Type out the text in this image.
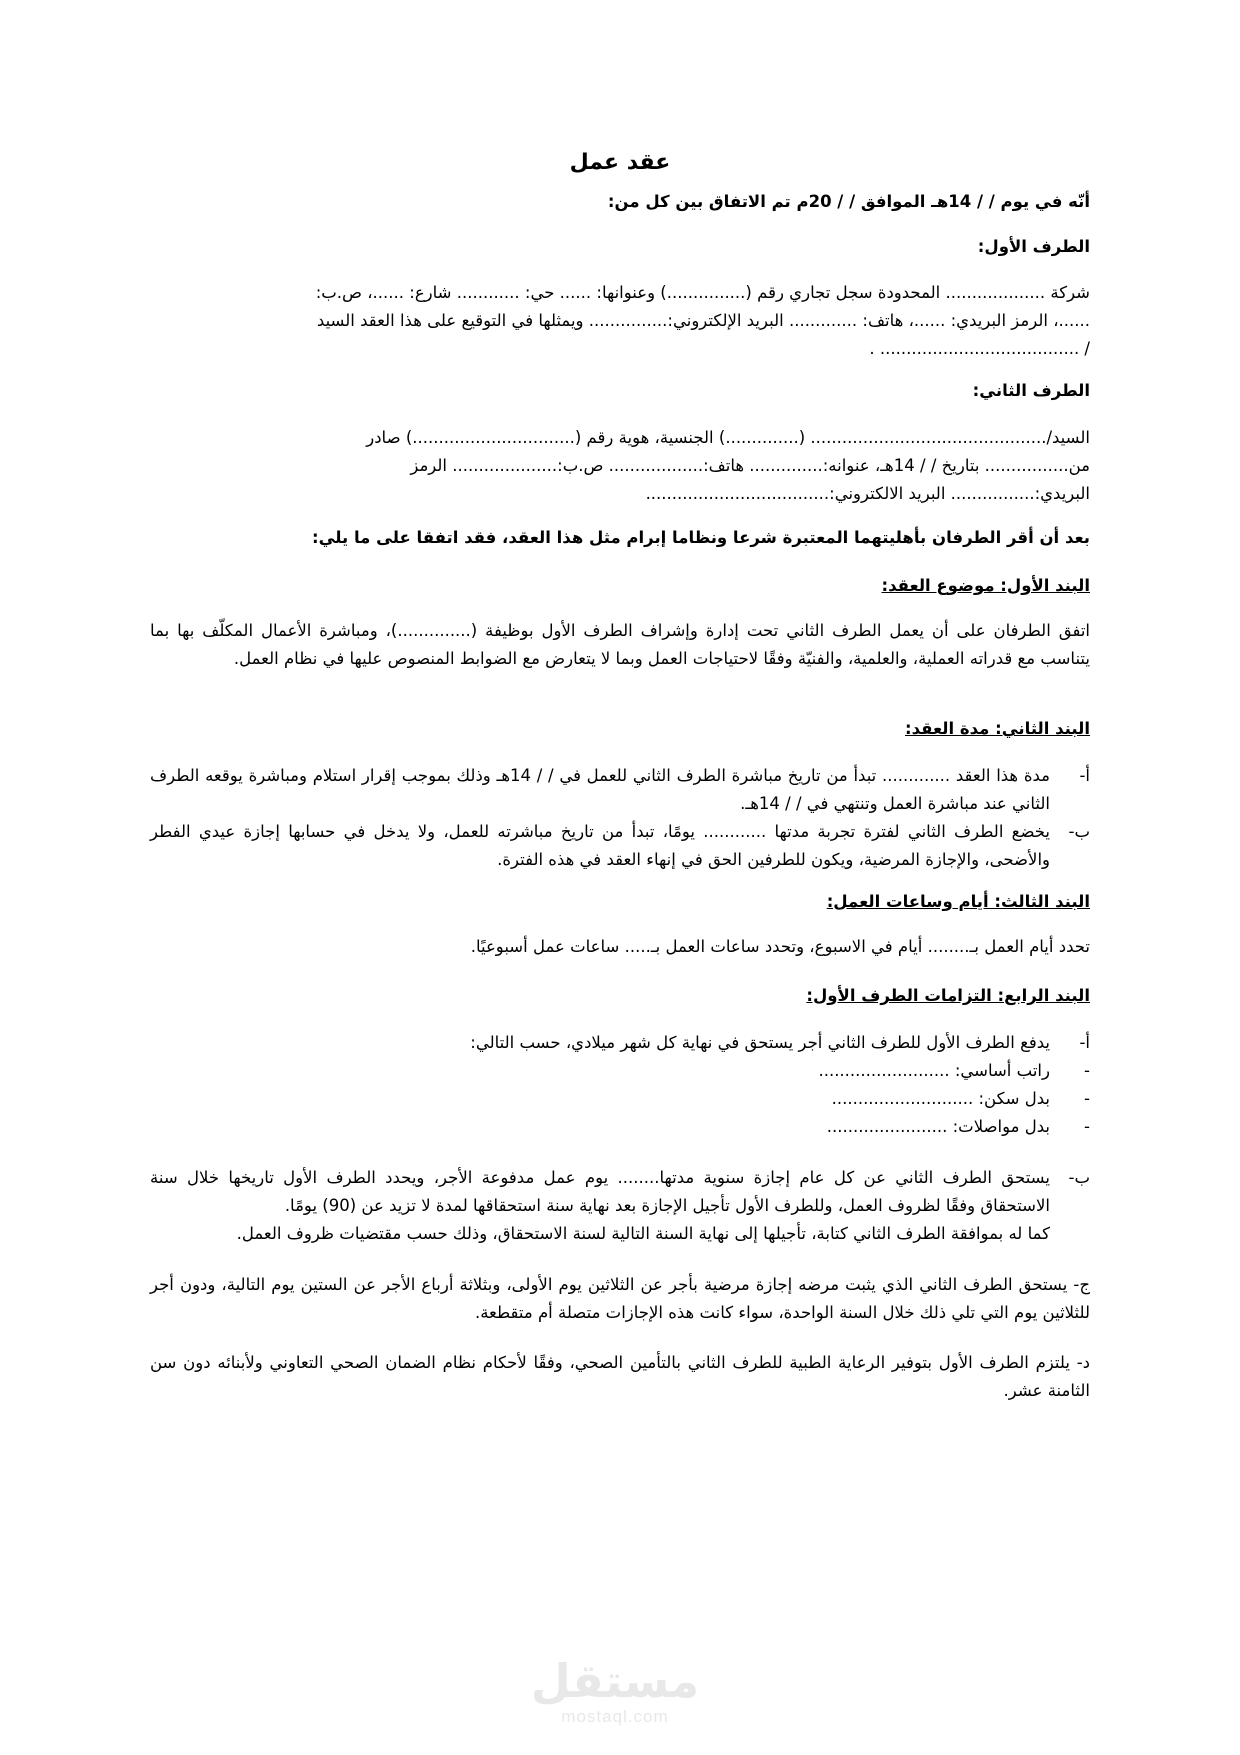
عقد عمل

أنّه في يوم / / 14هـ الموافق / / 20م تم الاتفاق بين كل من:

الطرف الأول:

شركة ................... المحدودة سجل تجاري رقم (...............) وعنوانها: ...... حي: ............ شارع: ......، ص.ب:
......، الرمز البريدي: ......، هاتف: ............. البريد الإلكتروني:............... ويمثلها في التوقيع على هذا العقد السيد
/ ...................................... .

الطرف الثاني:

السيد/............................................. (..............) الجنسية، هوية رقم (...............................) صادر
من................ بتاريخ / / 14هـ، عنوانه:.............. هاتف:.................. ص.ب:.................... الرمز
البريدي:................ البريد الالكتروني:...................................

بعد أن أقر الطرفان بأهليتهما المعتبرة شرعا ونظاما إبرام مثل هذا العقد، فقد اتفقا على ما يلي:

البند الأول: موضوع العقد:

اتفق الطرفان على أن يعمل الطرف الثاني تحت إدارة وإشراف الطرف الأول بوظيفة (..............)، ومباشرة الأعمال المكلّف بها بما يتناسب مع قدراته العملية، والعلمية، والفنيّة وفقًا لاحتياجات العمل وبما لا يتعارض مع الضوابط المنصوص عليها في نظام العمل.

البند الثاني: مدة العقد:

أ-

مدة هذا العقد ............. تبدأ من تاريخ مباشرة الطرف الثاني للعمل في / / 14هـ وذلك بموجب إقرار استلام ومباشرة يوقعه الطرف الثاني عند مباشرة العمل وتنتهي في / / 14هـ.

ب-

يخضع الطرف الثاني لفترة تجربة مدتها ............ يومًا، تبدأ من تاريخ مباشرته للعمل، ولا يدخل في حسابها إجازة عيدي الفطر والأضحى، والإجازة المرضية، ويكون للطرفين الحق في إنهاء العقد في هذه الفترة.

البند الثالث: أيام وساعات العمل:

تحدد أيام العمل بـ........ أيام في الاسبوع، وتحدد ساعات العمل بـ..... ساعات عمل أسبوعيًا.

البند الرابع: التزامات الطرف الأول:

أ-

يدفع الطرف الأول للطرف الثاني أجر يستحق في نهاية كل شهر ميلادي، حسب التالي:

-
راتب أساسي: .........................
-
بدل سكن: ...........................
-
بدل مواصلات: .......................
ب-

يستحق الطرف الثاني عن كل عام إجازة سنوية مدتها........ يوم عمل مدفوعة الأجر، ويحدد الطرف الأول تاريخها خلال سنة الاستحقاق وفقًا لظروف العمل، وللطرف الأول تأجيل الإجازة بعد نهاية سنة استحقاقها لمدة لا تزيد عن (90) يومًا.

كما له بموافقة الطرف الثاني كتابة، تأجيلها إلى نهاية السنة التالية لسنة الاستحقاق، وذلك حسب مقتضيات ظروف العمل.

ج- يستحق الطرف الثاني الذي يثبت مرضه إجازة مرضية بأجر عن الثلاثين يوم الأولى، وبثلاثة أرباع الأجر عن الستين يوم التالية، ودون أجر للثلاثين يوم التي تلي ذلك خلال السنة الواحدة، سواء كانت هذه الإجازات متصلة أم متقطعة.

د- يلتزم الطرف الأول بتوفير الرعاية الطبية للطرف الثاني بالتأمين الصحي، وفقًا لأحكام نظام الضمان الصحي التعاوني ولأبنائه دون سن الثامنة عشر.

مستقل
mostaql.com
